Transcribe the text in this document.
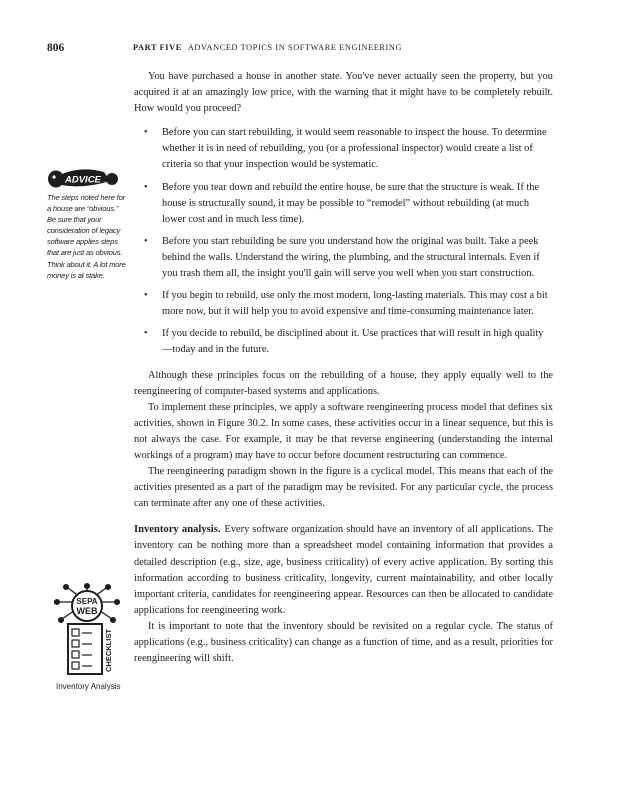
806	PART FIVE ADVANCED TOPICS IN SOFTWARE ENGINEERING
ADVICE
The steps noted here for a house are “obvious.” Be sure that your consideration of legacy software applies steps that are just as obvious. Think about it. A lot more money is at stake.

You have purchased a house in another state. You've never actually seen the property, but you acquired it at an amazingly low price, with the warning that it might have to be completely rebuilt. How would you proceed?

• Before you can start rebuilding, it would seem reasonable to inspect the house. To determine whether it is in need of rebuilding, you (or a professional inspector) would create a list of criteria so that your inspection would be systematic.
• Before you tear down and rebuild the entire house, be sure that the structure is weak. If the house is structurally sound, it may be possible to “remodel” without rebuilding (at much lower cost and in much less time).
• Before you start rebuilding be sure you understand how the original was built. Take a peek behind the walls. Understand the wiring, the plumbing, and the structural internals. Even if you trash them all, the insight you'll gain will serve you well when you start construction.
• If you begin to rebuild, use only the most modern, long-lasting materials. This may cost a bit more now, but it will help you to avoid expensive and time-consuming maintenance later.
• If you decide to rebuild, be disciplined about it. Use practices that will result in high quality—today and in the future.

Although these principles focus on the rebuilding of a house, they apply equally well to the reengineering of computer-based systems and applications.

To implement these principles, we apply a software reengineering process model that defines six activities, shown in Figure 30.2. In some cases, these activities occur in a linear sequence, but this is not always the case. For example, it may be that reverse engineering (understanding the internal workings of a program) may have to occur before document restructuring can commence.

The reengineering paradigm shown in the figure is a cyclical model. This means that each of the activities presented as a part of the paradigm may be revisited. For any particular cycle, the process can terminate after any one of these activities.

Inventory analysis. Every software organization should have an inventory of all applications. The inventory can be nothing more than a spreadsheet model containing information that provides a detailed description (e.g., size, age, business criticality) of every active application. By sorting this information according to business criticality, longevity, current maintainability, and other locally important criteria, candidates for reengineering appear. Resources can then be allocated to candidate applications for reengineering work.

It is important to note that the inventory should be revisited on a regular cycle. The status of applications (e.g., business criticality) can change as a function of time, and as a result, priorities for reengineering will shift.

SEPA
WEB
CHECKLIST
Inventory Analysis
